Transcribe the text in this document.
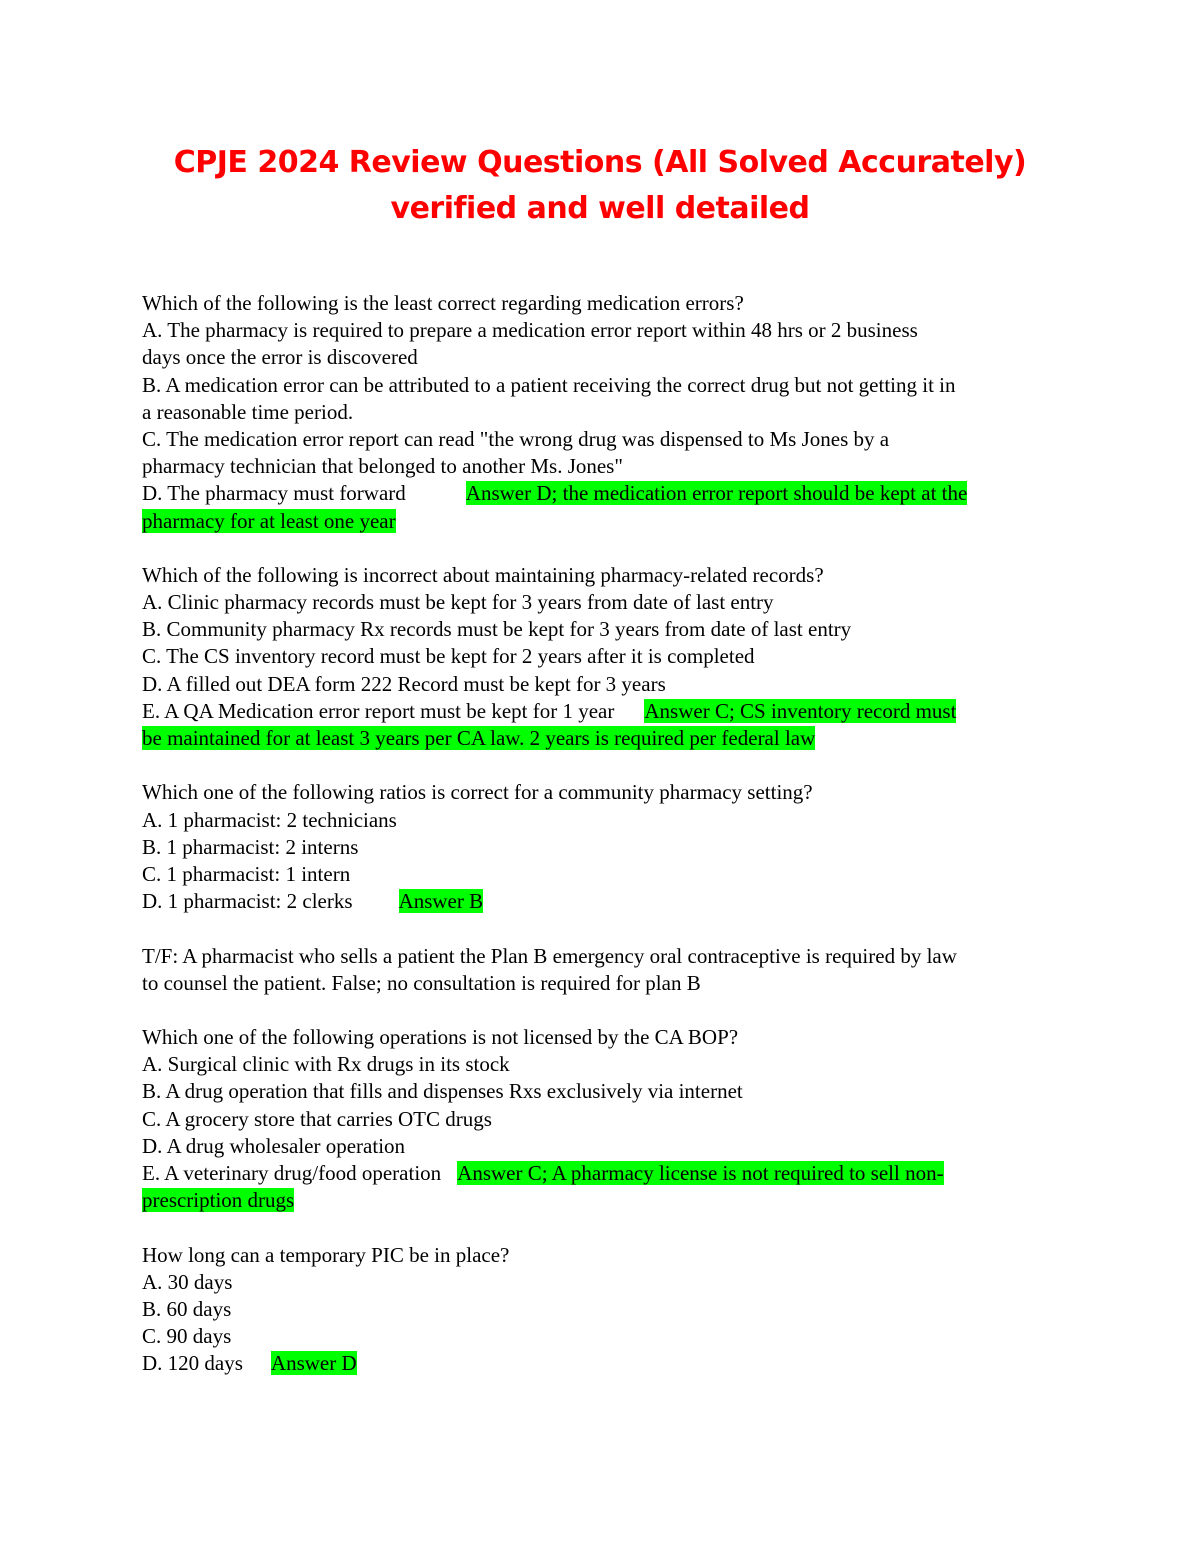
CPJE 2024 Review Questions (All Solved Accurately)
verified and well detailed
Which of the following is the least correct regarding medication errors?
A. The pharmacy is required to prepare a medication error report within 48 hrs or 2 business
days once the error is discovered
B. A medication error can be attributed to a patient receiving the correct drug but not getting it in
a reasonable time period.
C. The medication error report can read "the wrong drug was dispensed to Ms Jones by a
pharmacy technician that belonged to another Ms. Jones"
D. The pharmacy must forward	Answer D; the medication error report should be kept at the
pharmacy for at least one year
Which of the following is incorrect about maintaining pharmacy-related records?
A. Clinic pharmacy records must be kept for 3 years from date of last entry
B. Community pharmacy Rx records must be kept for 3 years from date of last entry
C. The CS inventory record must be kept for 2 years after it is completed
D. A filled out DEA form 222 Record must be kept for 3 years
E. A QA Medication error report must be kept for 1 year Answer C; CS inventory record must
be maintained for at least 3 years per CA law. 2 years is required per federal law
Which one of the following ratios is correct for a community pharmacy setting?
A. 1 pharmacist: 2 technicians
B. 1 pharmacist: 2 interns
C. 1 pharmacist: 1 intern
D. 1 pharmacist: 2 clerks Answer B
T/F: A pharmacist who sells a patient the Plan B emergency oral contraceptive is required by law
to counsel the patient. False; no consultation is required for plan B
Which one of the following operations is not licensed by the CA BOP?
A. Surgical clinic with Rx drugs in its stock
B. A drug operation that fills and dispenses Rxs exclusively via internet
C. A grocery store that carries OTC drugs
D. A drug wholesaler operation
E. A veterinary drug/food operation Answer C; A pharmacy license is not required to sell non-
prescription drugs
How long can a temporary PIC be in place?
A. 30 days
B. 60 days
C. 90 days
D. 120 days Answer D
